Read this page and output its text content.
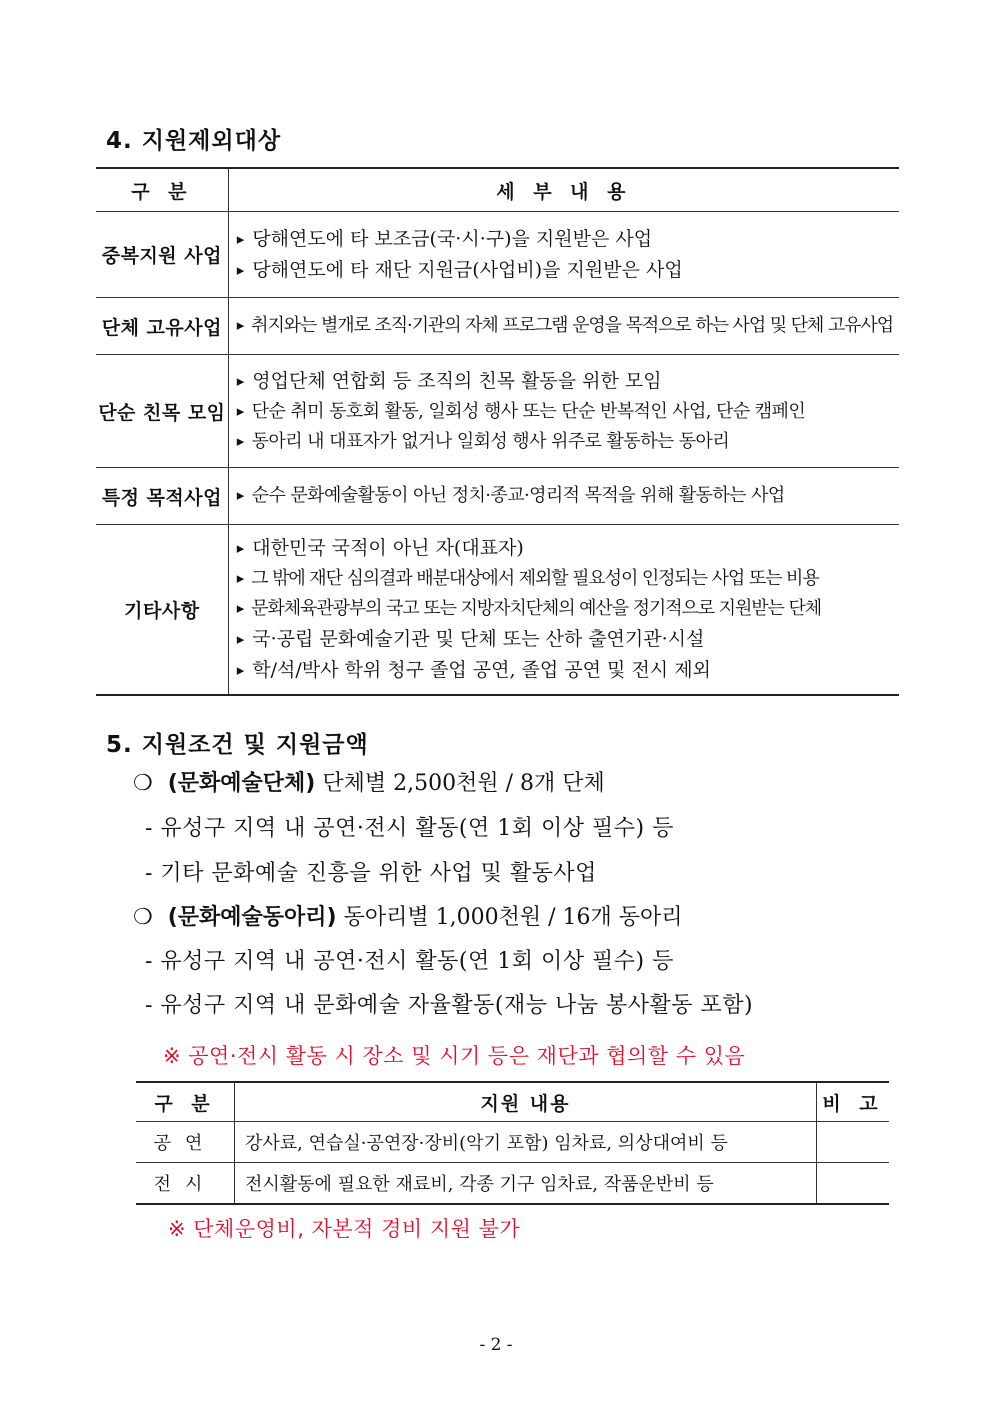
4. 지원제외대상
구 분	세 부 내 용
중복지원 사업	▸ 당해연도에 타 보조금(국·시·구)을 지원받은 사업
▸ 당해연도에 타 재단 지원금(사업비)을 지원받은 사업

단체 고유사업	▸ 취지와는 별개로 조직·기관의 자체 프로그램 운영을 목적으로 하는 사업 및 단체 고유사업

단순 친목 모임	▸ 영업단체 연합회 등 조직의 친목 활동을 위한 모임
▸ 단순 취미 동호회 활동, 일회성 행사 또는 단순 반복적인 사업, 단순 캠페인
▸ 동아리 내 대표자가 없거나 일회성 행사 위주로 활동하는 동아리

특정 목적사업	▸ 순수 문화예술활동이 아닌 정치·종교·영리적 목적을 위해 활동하는 사업

기타사항	▸ 대한민국 국적이 아닌 자(대표자)
▸ 그 밖에 재단 심의결과 배분대상에서 제외할 필요성이 인정되는 사업 또는 비용
▸ 문화체육관광부의 국고 또는 지방자치단체의 예산을 정기적으로 지원받는 단체
▸ 국·공립 문화예술기관 및 단체 또는 산하 출연기관·시설
▸ 학/석/박사 학위 청구 졸업 공연, 졸업 공연 및 전시 제외
5. 지원조건 및 지원금액
❍ (문화예술단체) 단체별 2,500천원 / 8개 단체
- 유성구 지역 내 공연·전시 활동(연 1회 이상 필수) 등
- 기타 문화예술 진흥을 위한 사업 및 활동사업
❍ (문화예술동아리) 동아리별 1,000천원 / 16개 동아리
- 유성구 지역 내 공연·전시 활동(연 1회 이상 필수) 등
- 유성구 지역 내 문화예술 자율활동(재능 나눔 봉사활동 포함)
※ 공연·전시 활동 시 장소 및 시기 등은 재단과 협의할 수 있음
구 분	지원 내용	비 고
공연	강사료, 연습실·공연장·장비(악기 포함) 임차료, 의상대여비 등	
전시	전시활동에 필요한 재료비, 각종 기구 임차료, 작품운반비 등	
※ 단체운영비, 자본적 경비 지원 불가
- 2 -
